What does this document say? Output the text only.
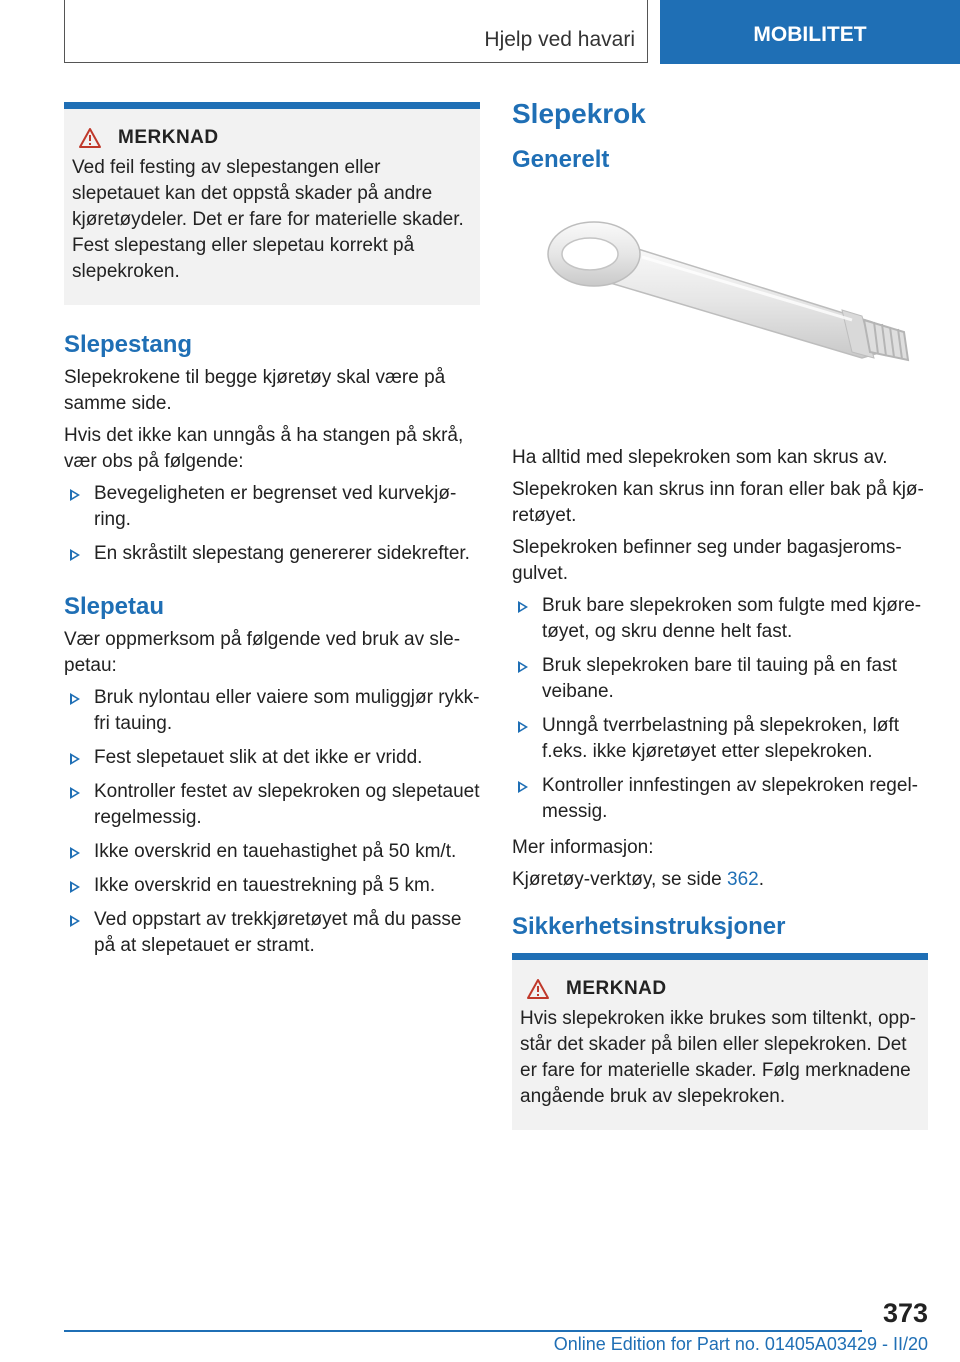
Hjelp ved havari	MOBILITET
MERKNAD
Ved feil festing av slepestangen eller slepetauet kan det oppstå skader på andre kjøretøydeler. Det er fare for materielle skader. Fest slepestang eller slepetau korrekt på slepekroken.
Slepestang

Slepekrokene til begge kjøretøy skal være på samme side.

Hvis det ikke kan unngås å ha stangen på skrå, vær obs på følgende:

Bevegeligheten er begrenset ved kurvekjøring.
En skråstilt slepestang genererer sidekrefter.
Slepetau

Vær oppmerksom på følgende ved bruk av slepetau:

Bruk nylontau eller vaiere som muliggjør rykkfri tauing.
Fest slepetauet slik at det ikke er vridd.
Kontroller festet av slepekroken og slepetauet regelmessig.
Ikke overskrid en tauehastighet på 50 km/t.
Ikke overskrid en tauestrekning på 5 km.
Ved oppstart av trekkjøretøyet må du passe på at slepetauet er stramt.
Slepekrok
Generelt

Ha alltid med slepekroken som kan skrus av.

Slepekroken kan skrus inn foran eller bak på kjøretøyet.

Slepekroken befinner seg under bagasjeromsgulvet.

Bruk bare slepekroken som fulgte med kjøretøyet, og skru denne helt fast.
Bruk slepekroken bare til tauing på en fast veibane.
Unngå tverrbelastning på slepekroken, løft f.eks. ikke kjøretøyet etter slepekroken.
Kontroller innfestingen av slepekroken regelmessig.

Mer informasjon:

Kjøretøy-verktøy, se side 362.

Sikkerhetsinstruksjoner
MERKNAD
Hvis slepekroken ikke brukes som tiltenkt, oppstår det skader på bilen eller slepekroken. Det er fare for materielle skader. Følg merknadene angående bruk av slepekroken.
373
Online Edition for Part no. 01405A03429 - II/20
